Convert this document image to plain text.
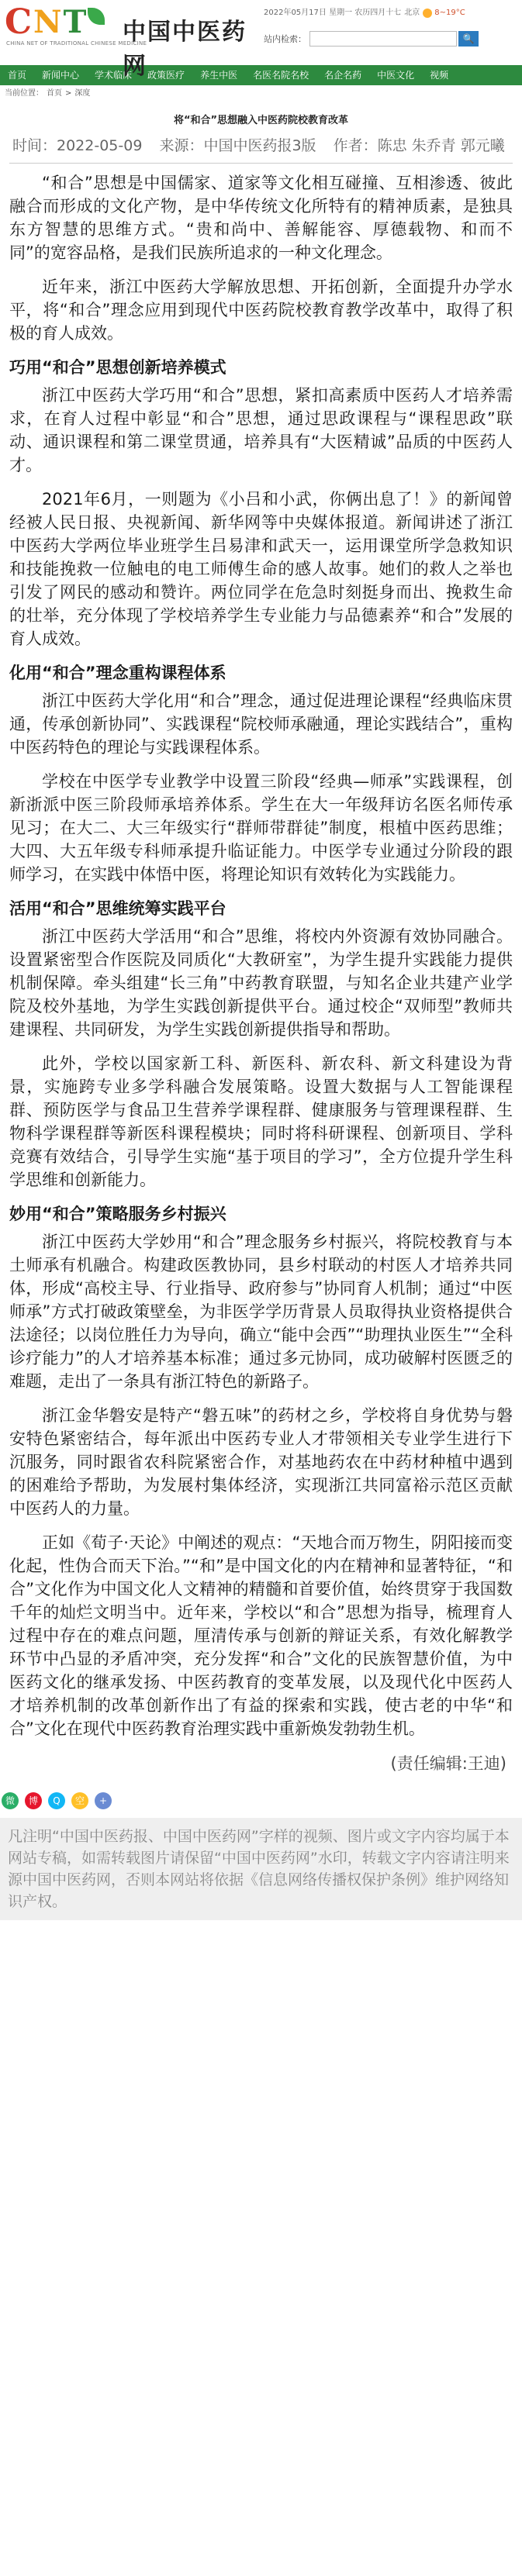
C N T 中国中医药网
CHINA NET OF TRADITIONAL CHINESE MEDICINE
2022年05月17日 星期一 农历四月十七 北京 8~19°C
站内检索：	🔍
首页	新闻中心	学术临床	政策医疗	养生中医	名医名院名校	名企名药	中医文化	视频
当前位置： 首页 > 深度
将“和合”思想融入中医药院校教育改革
时间：2022-05-09 来源：中国中医药报3版 作者：陈忠 朱乔青 郭元曦

“和合”思想是中国儒家、道家等文化相互碰撞、互相渗透、彼此融合而形成的文化产物，是中华传统文化所特有的精神质素，是独具东方智慧的思维方式。“贵和尚中、善解能容、厚德载物、和而不同”的宽容品格，是我们民族所追求的一种文化理念。

近年来，浙江中医药大学解放思想、开拓创新，全面提升办学水平，将“和合”理念应用到现代中医药院校教育教学改革中，取得了积极的育人成效。

巧用“和合”思想创新培养模式

浙江中医药大学巧用“和合”思想，紧扣高素质中医药人才培养需求，在育人过程中彰显“和合”思想，通过思政课程与“课程思政”联动、通识课程和第二课堂贯通，培养具有“大医精诚”品质的中医药人才。

2021年6月，一则题为《小吕和小武，你俩出息了！》的新闻曾经被人民日报、央视新闻、新华网等中央媒体报道。新闻讲述了浙江中医药大学两位毕业班学生吕易津和武天一，运用课堂所学急救知识和技能挽救一位触电的电工师傅生命的感人故事。她们的救人之举也引发了网民的感动和赞许。两位同学在危急时刻挺身而出、挽救生命的壮举，充分体现了学校培养学生专业能力与品德素养“和合”发展的育人成效。

化用“和合”理念重构课程体系

浙江中医药大学化用“和合”理念，通过促进理论课程“经典临床贯通，传承创新协同”、实践课程“院校师承融通，理论实践结合”，重构中医药特色的理论与实践课程体系。

学校在中医学专业教学中设置三阶段“经典—师承”实践课程，创新浙派中医三阶段师承培养体系。学生在大一年级拜访名医名师传承见习；在大二、大三年级实行“群师带群徒”制度，根植中医药思维；大四、大五年级专科师承提升临证能力。中医学专业通过分阶段的跟师学习，在实践中体悟中医，将理论知识有效转化为实践能力。

活用“和合”思维统筹实践平台

浙江中医药大学活用“和合”思维，将校内外资源有效协同融合。设置紧密型合作医院及同质化“大教研室”，为学生提升实践能力提供机制保障。牵头组建“长三角”中药教育联盟，与知名企业共建产业学院及校外基地，为学生实践创新提供平台。通过校企“双师型”教师共建课程、共同研发，为学生实践创新提供指导和帮助。

此外，学校以国家新工科、新医科、新农科、新文科建设为背景，实施跨专业多学科融合发展策略。设置大数据与人工智能课程群、预防医学与食品卫生营养学课程群、健康服务与管理课程群、生物科学课程群等新医科课程模块；同时将科研课程、创新项目、学科竞赛有效结合，引导学生实施“基于项目的学习”，全方位提升学生科学思维和创新能力。

妙用“和合”策略服务乡村振兴

浙江中医药大学妙用“和合”理念服务乡村振兴，将院校教育与本土师承有机融合。构建政医教协同，县乡村联动的村医人才培养共同体，形成“高校主导、行业指导、政府参与”协同育人机制；通过“中医师承”方式打破政策壁垒，为非医学学历背景人员取得执业资格提供合法途径；以岗位胜任力为导向，确立“能中会西”“助理执业医生”“全科诊疗能力”的人才培养基本标准；通过多元协同，成功破解村医匮乏的难题，走出了一条具有浙江特色的新路子。

浙江金华磐安是特产“磐五味”的药材之乡，学校将自身优势与磐安特色紧密结合，每年派出中医药专业人才带领相关专业学生进行下沉服务，同时跟省农科院紧密合作，对基地药农在中药材种植中遇到的困难给予帮助，为发展村集体经济，实现浙江共同富裕示范区贡献中医药人的力量。

正如《荀子·天论》中阐述的观点：“天地合而万物生，阴阳接而变化起，性伪合而天下治。”“和”是中国文化的内在精神和显著特征，“和合”文化作为中国文化人文精神的精髓和首要价值，始终贯穿于我国数千年的灿烂文明当中。近年来，学校以“和合”思想为指导，梳理育人过程中存在的难点问题，厘清传承与创新的辩证关系，有效化解教学环节中凸显的矛盾冲突，充分发挥“和合”文化的民族智慧价值，为中医药文化的继承发扬、中医药教育的变革发展，以及现代化中医药人才培养机制的改革创新作出了有益的探索和实践，使古老的中华“和合”文化在现代中医药教育治理实践中重新焕发勃勃生机。

(责任编辑:王迪)
微	博	Q	空	+
凡注明“中国中医药报、中国中医药网”字样的视频、图片或文字内容均属于本网站专稿，如需转载图片请保留“中国中医药网”水印，转载文字内容请注明来源中国中医药网，否则本网站将依据《信息网络传播权保护条例》维护网络知识产权。
